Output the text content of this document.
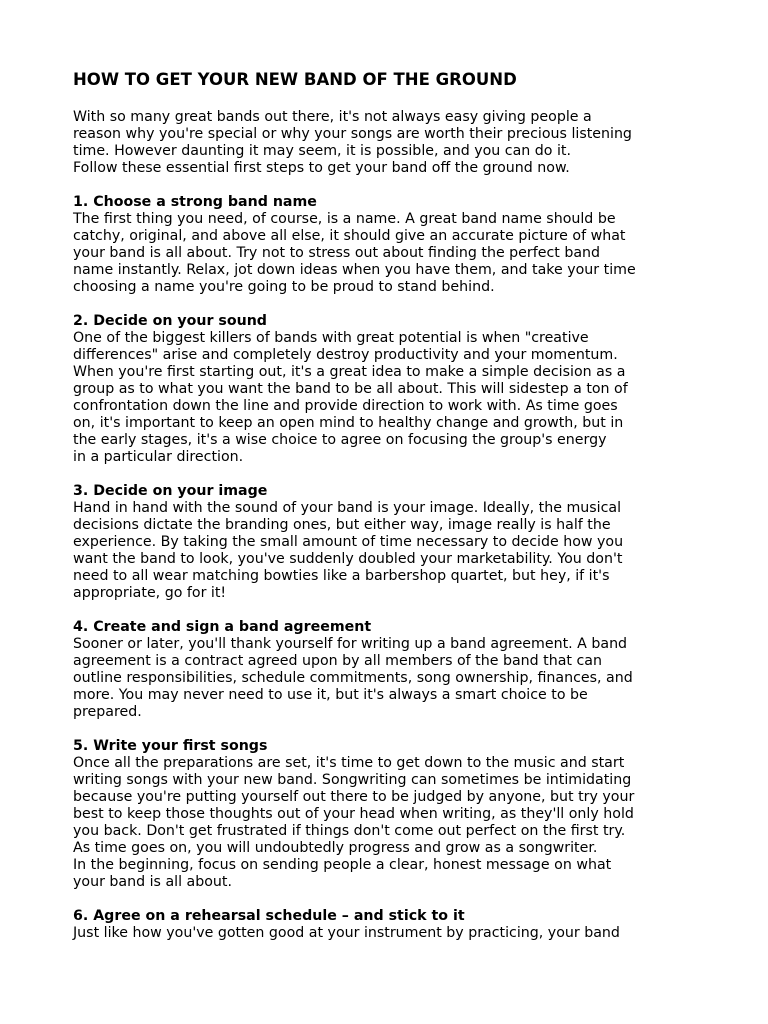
HOW TO GET YOUR NEW BAND OF THE GROUND
With so many great bands out there, it's not always easy giving people a
reason why you're special or why your songs are worth their precious listening
time. However daunting it may seem, it is possible, and you can do it.
Follow these essential first steps to get your band off the ground now.
1. Choose a strong band name
The first thing you need, of course, is a name. A great band name should be
catchy, original, and above all else, it should give an accurate picture of what
your band is all about. Try not to stress out about finding the perfect band
name instantly. Relax, jot down ideas when you have them, and take your time
choosing a name you're going to be proud to stand behind.
2. Decide on your sound
One of the biggest killers of bands with great potential is when "creative
differences" arise and completely destroy productivity and your momentum.
When you're first starting out, it's a great idea to make a simple decision as a
group as to what you want the band to be all about. This will sidestep a ton of
confrontation down the line and provide direction to work with. As time goes
on, it's important to keep an open mind to healthy change and growth, but in
the early stages, it's a wise choice to agree on focusing the group's energy
in a particular direction.
3. Decide on your image
Hand in hand with the sound of your band is your image. Ideally, the musical
decisions dictate the branding ones, but either way, image really is half the
experience. By taking the small amount of time necessary to decide how you
want the band to look, you've suddenly doubled your marketability. You don't
need to all wear matching bowties like a barbershop quartet, but hey, if it's
appropriate, go for it!
4. Create and sign a band agreement
Sooner or later, you'll thank yourself for writing up a band agreement. A band
agreement is a contract agreed upon by all members of the band that can
outline responsibilities, schedule commitments, song ownership, finances, and
more. You may never need to use it, but it's always a smart choice to be
prepared.
5. Write your first songs
Once all the preparations are set, it's time to get down to the music and start
writing songs with your new band. Songwriting can sometimes be intimidating
because you're putting yourself out there to be judged by anyone, but try your
best to keep those thoughts out of your head when writing, as they'll only hold
you back. Don't get frustrated if things don't come out perfect on the first try.
As time goes on, you will undoubtedly progress and grow as a songwriter.
In the beginning, focus on sending people a clear, honest message on what
your band is all about.
6. Agree on a rehearsal schedule – and stick to it
Just like how you've gotten good at your instrument by practicing, your band
